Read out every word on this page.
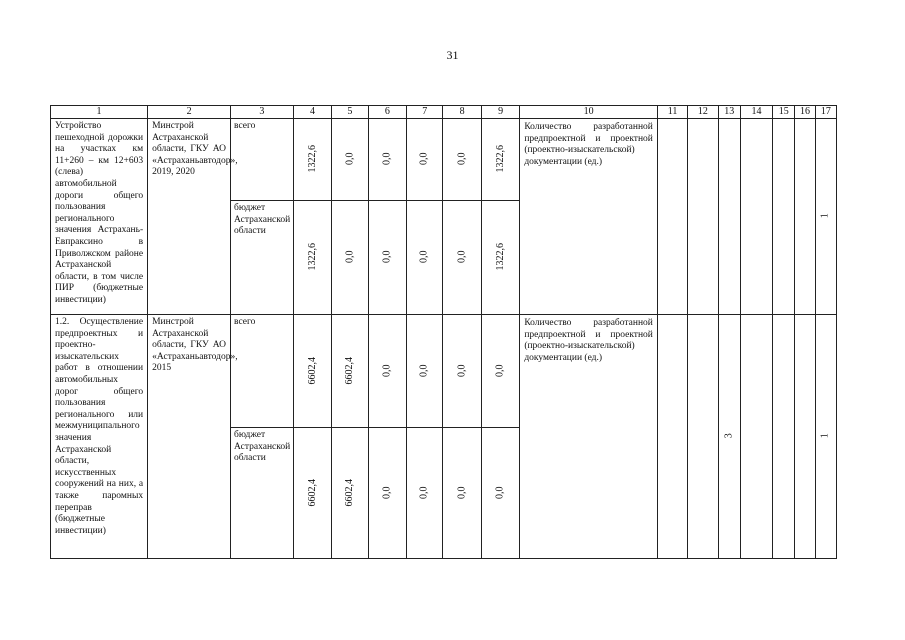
31
1	2	3	4	5	6	7	8	9	10	11	12	13	14	15	16	17
Устройство пешеходной дорожки на участках км 11+260 – км 12+603 (слева) автомобильной дороги общего пользования регионального значения Астрахань-Евпраксино в Приволжском районе Астраханской области, в том числе ПИР (бюджетные инвестиции)	Минстрой Астраханской области, ГКУ АО «Астраханьавтодор», 2019, 2020	всего	1322,6	0,0	0,0	0,0	0,0	1322,6	Количество разработанной предпроектной и проектной (проектно-изыскательской) документации (ед.)							1
		бюджет Астраханской области	1322,6	0,0	0,0	0,0	0,0	1322,6								
1.2. Осуществление предпроектных и проектно-изыскательских работ в отношении автомобильных дорог общего пользования регионального или межмуниципального значения Астраханской области, искусственных сооружений на них, а также паромных переправ (бюджетные инвестиции)	Минстрой Астраханской области, ГКУ АО «Астраханьавтодор», 2015	всего	6602,4	6602,4	0,0	0,0	0,0	0,0	Количество разработанной предпроектной и проектной (проектно-изыскательской) документации (ед.)			3				1
		бюджет Астраханской области	6602,4	6602,4	0,0	0,0	0,0	0,0								
